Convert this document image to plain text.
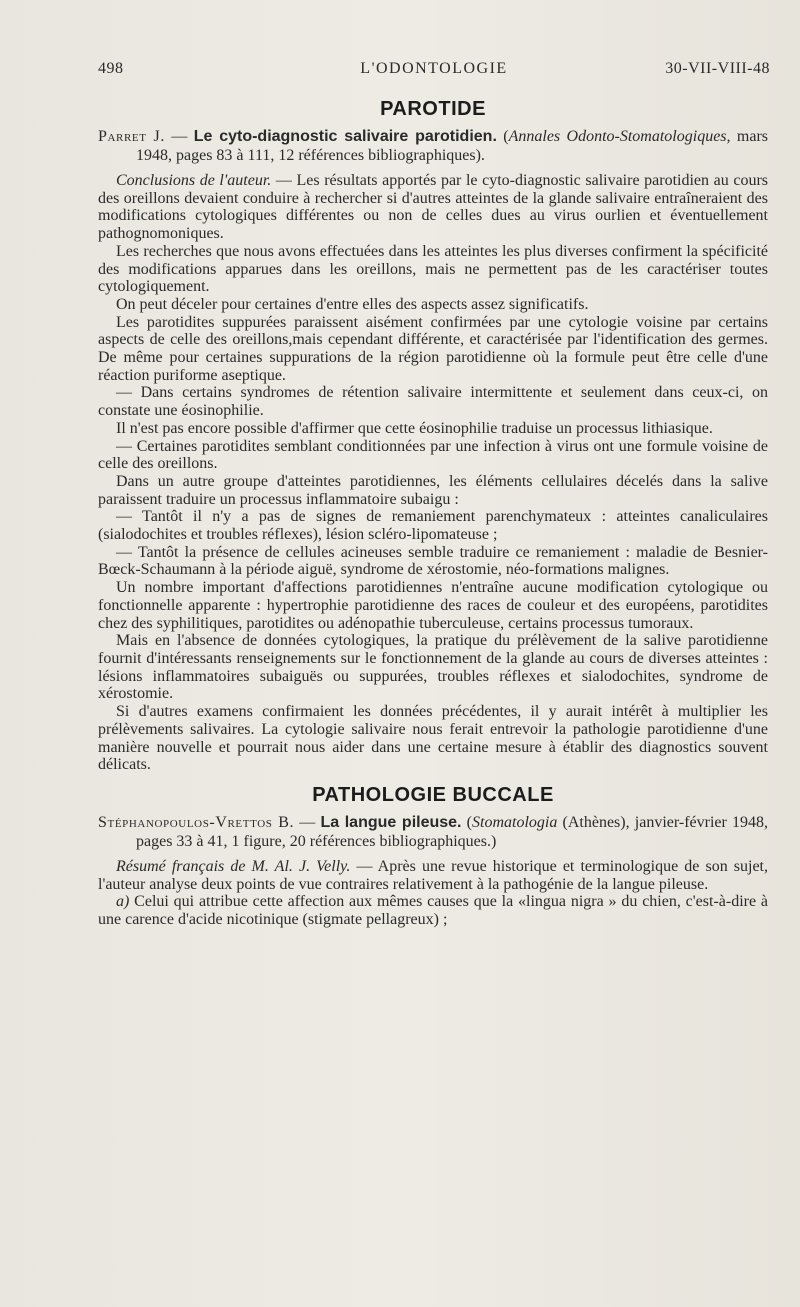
498	L'ODONTOLOGIE	30-VII-VIII-48
PAROTIDE
Parret J. — Le cyto-diagnostic salivaire parotidien. (Annales Odonto-Stomatologiques, mars 1948, pages 83 à 111, 12 références bibliographiques).

Conclusions de l'auteur. — Les résultats apportés par le cyto-diagnostic salivaire parotidien au cours des oreillons devaient conduire à rechercher si d'autres atteintes de la glande salivaire entraîneraient des modifications cytologiques différentes ou non de celles dues au virus ourlien et éventuellement pathognomoniques.

Les recherches que nous avons effectuées dans les atteintes les plus diverses confirment la spécificité des modifications apparues dans les oreillons, mais ne permettent pas de les caractériser toutes cytologiquement.

On peut déceler pour certaines d'entre elles des aspects assez significatifs.

Les parotidites suppurées paraissent aisément confirmées par une cytologie voisine par certains aspects de celle des oreillons,mais cependant différente, et caractérisée par l'identification des germes. De même pour certaines suppurations de la région parotidienne où la formule peut être celle d'une réaction puriforme aseptique.

— Dans certains syndromes de rétention salivaire intermittente et seulement dans ceux-ci, on constate une éosinophilie.

Il n'est pas encore possible d'affirmer que cette éosinophilie traduise un processus lithiasique.

— Certaines parotidites semblant conditionnées par une infection à virus ont une formule voisine de celle des oreillons.

Dans un autre groupe d'atteintes parotidiennes, les éléments cellulaires décelés dans la salive paraissent traduire un processus inflammatoire subaigu :

— Tantôt il n'y a pas de signes de remaniement parenchymateux : atteintes canaliculaires (sialodochites et troubles réflexes), lésion scléro-lipomateuse ;

— Tantôt la présence de cellules acineuses semble traduire ce remaniement : maladie de Besnier-Bœck-Schaumann à la période aiguë, syndrome de xérostomie, néo-formations malignes.

Un nombre important d'affections parotidiennes n'entraîne aucune modification cytologique ou fonctionnelle apparente : hypertrophie parotidienne des races de couleur et des européens, parotidites chez des syphilitiques, parotidites ou adénopathie tuberculeuse, certains processus tumoraux.

Mais en l'absence de données cytologiques, la pratique du prélèvement de la salive parotidienne fournit d'intéressants renseignements sur le fonctionnement de la glande au cours de diverses atteintes : lésions inflammatoires subaiguës ou suppurées, troubles réflexes et sialodochites, syndrome de xérostomie.

Si d'autres examens confirmaient les données précédentes, il y aurait intérêt à multiplier les prélèvements salivaires. La cytologie salivaire nous ferait entrevoir la pathologie parotidienne d'une manière nouvelle et pourrait nous aider dans une certaine mesure à établir des diagnostics souvent délicats.

PATHOLOGIE BUCCALE
Stéphanopoulos-Vrettos B. — La langue pileuse. (Stomatologia (Athènes), janvier-février 1948, pages 33 à 41, 1 figure, 20 références bibliographiques.)

Résumé français de M. Al. J. Velly. — Après une revue historique et terminologique de son sujet, l'auteur analyse deux points de vue contraires relativement à la pathogénie de la langue pileuse.

a) Celui qui attribue cette affection aux mêmes causes que la «lingua nigra » du chien, c'est-à-dire à une carence d'acide nicotinique (stigmate pellagreux) ;
